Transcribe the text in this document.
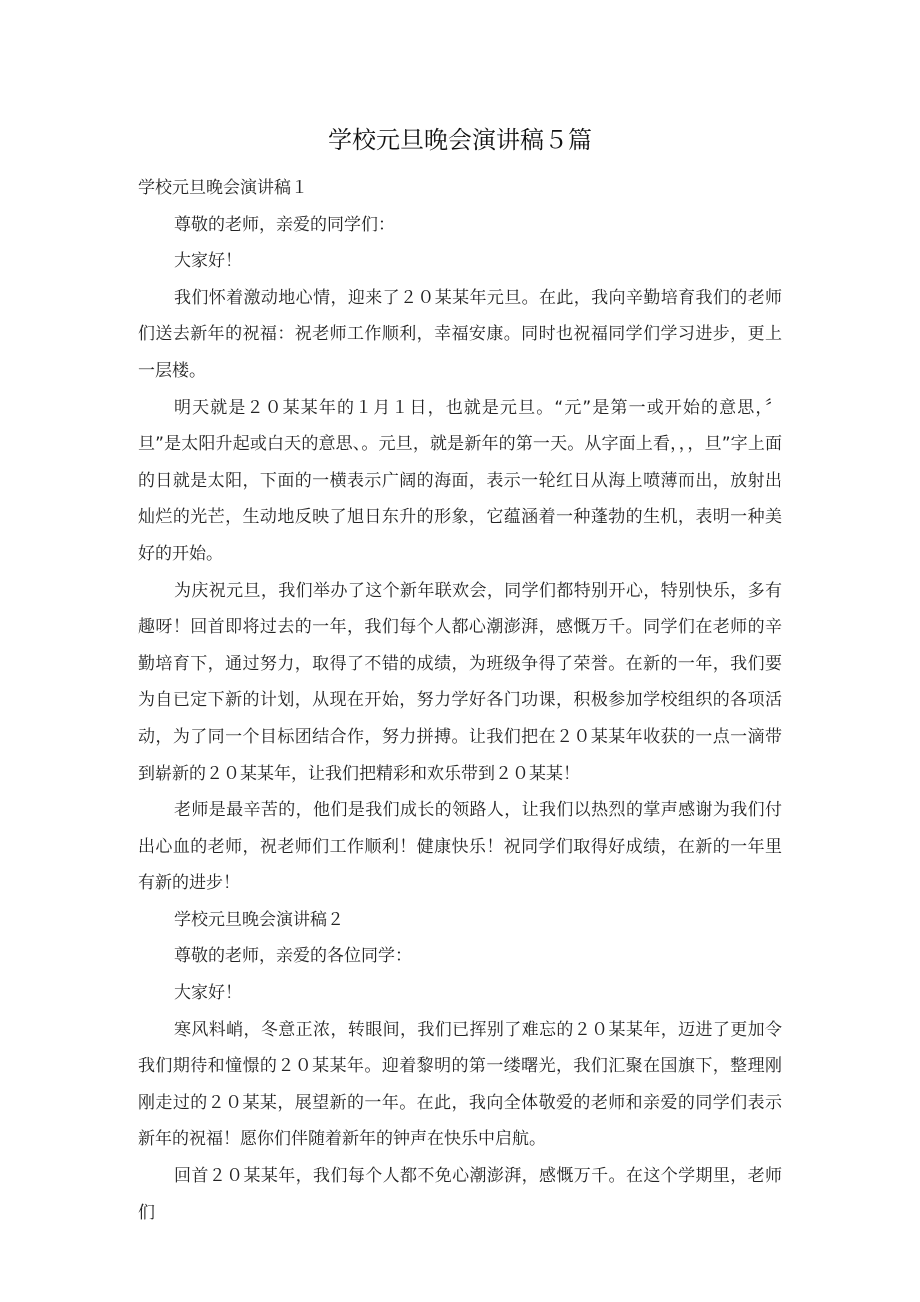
学校元旦晚会演讲稿５篇

学校元旦晚会演讲稿１

尊敬的老师，亲爱的同学们：

大家好！

我们怀着激动地心情，迎来了２０某某年元旦。在此，我向辛勤培育我们的老师们送去新年的祝福：祝老师工作顺利，幸福安康。同时也祝福同学们学习进步，更上一层楼。

明天就是２０某某年的１月１日，也就是元旦。“元”是第一或开始的意思，〞旦”是太阳升起或白天的意思、。元旦，就是新年的第一天。从字面上看，，，旦”字上面的日就是太阳，下面的一横表示广阔的海面，表示一轮红日从海上喷薄而出，放射出灿烂的光芒，生动地反映了旭日东升的形象，它蕴涵着一种蓬勃的生机，表明一种美好的开始。

为庆祝元旦，我们举办了这个新年联欢会，同学们都特别开心，特别快乐，多有趣呀！回首即将过去的一年，我们每个人都心潮澎湃，感慨万千。同学们在老师的辛勤培育下，通过努力，取得了不错的成绩，为班级争得了荣誉。在新的一年，我们要为自已定下新的计划，从现在开始，努力学好各门功课，积极参加学校组织的各项活动，为了同一个目标团结合作，努力拼搏。让我们把在２０某某年收获的一点一滴带到崭新的２０某某年，让我们把精彩和欢乐带到２０某某！

老师是最辛苦的，他们是我们成长的领路人，让我们以热烈的掌声感谢为我们付出心血的老师，祝老师们工作顺利！健康快乐！祝同学们取得好成绩，在新的一年里有新的进步！

学校元旦晚会演讲稿２

尊敬的老师，亲爱的各位同学：

大家好！

寒风料峭，冬意正浓，转眼间，我们已挥别了难忘的２０某某年，迈进了更加令我们期待和憧憬的２０某某年。迎着黎明的第一缕曙光，我们汇聚在国旗下，整理刚刚走过的２０某某，展望新的一年。在此，我向全体敬爱的老师和亲爱的同学们表示新年的祝福！愿你们伴随着新年的钟声在快乐中启航。

回首２０某某年，我们每个人都不免心潮澎湃，感慨万千。在这个学期里，老师们
